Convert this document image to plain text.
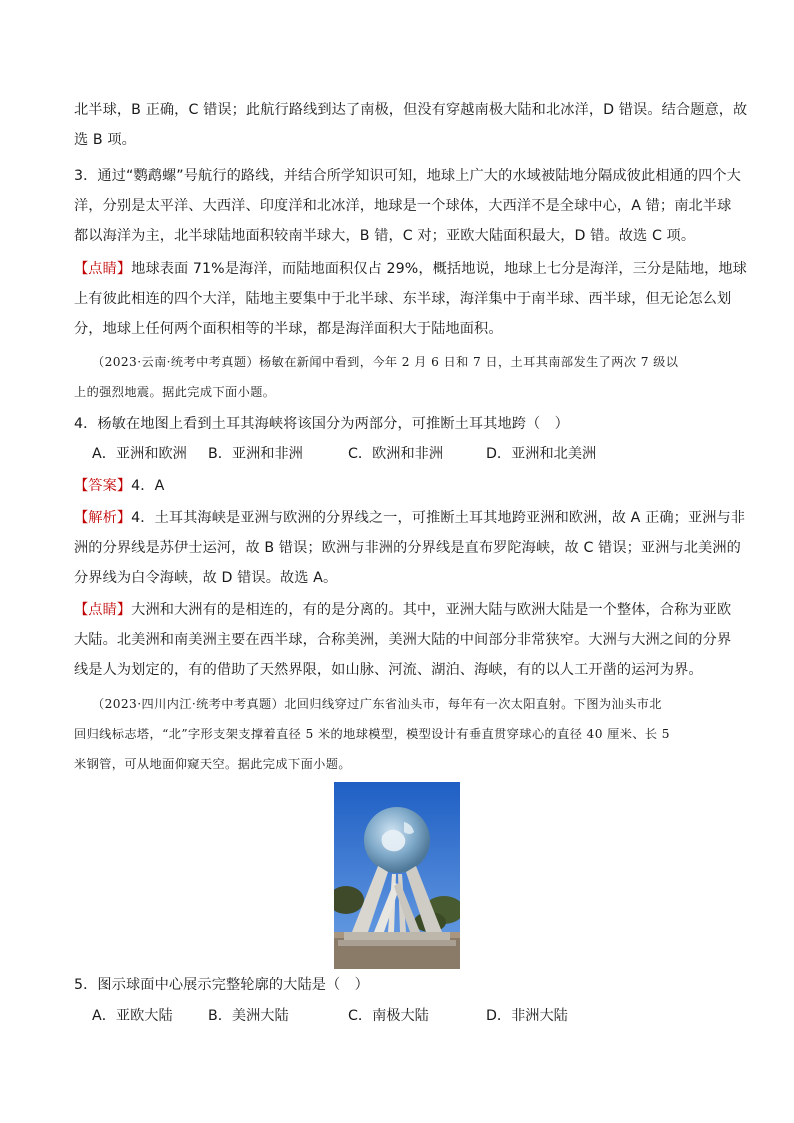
北半球，B 正确，C 错误；此航行路线到达了南极，但没有穿越南极大陆和北冰洋，D 错误。结合题意，故
选 B 项。
3．通过“鹦鹉螺”号航行的路线，并结合所学知识可知，地球上广大的水域被陆地分隔成彼此相通的四个大
洋，分别是太平洋、大西洋、印度洋和北冰洋，地球是一个球体，大西洋不是全球中心，A 错；南北半球
都以海洋为主，北半球陆地面积较南半球大，B 错，C 对；亚欧大陆面积最大，D 错。故选 C 项。
【点睛】地球表面 71%是海洋，而陆地面积仅占 29%，概括地说，地球上七分是海洋，三分是陆地，地球
上有彼此相连的四个大洋，陆地主要集中于北半球、东半球，海洋集中于南半球、西半球，但无论怎么划
分，地球上任何两个面积相等的半球，都是海洋面积大于陆地面积。
（2023·云南·统考中考真题）杨敏在新闻中看到，今年 2 月 6 日和 7 日，土耳其南部发生了两次 7 级以
上的强烈地震。据此完成下面小题。
4．杨敏在地图上看到土耳其海峡将该国分为两部分，可推断土耳其地跨（　）
A．亚洲和欧洲 B．亚洲和非洲	C．欧洲和非洲	D．亚洲和北美洲
【答案】4．A
【解析】4．土耳其海峡是亚洲与欧洲的分界线之一，可推断土耳其地跨亚洲和欧洲，故 A 正确；亚洲与非
洲的分界线是苏伊士运河，故 B 错误；欧洲与非洲的分界线是直布罗陀海峡，故 C 错误；亚洲与北美洲的
分界线为白令海峡，故 D 错误。故选 A。
【点睛】大洲和大洲有的是相连的，有的是分离的。其中，亚洲大陆与欧洲大陆是一个整体，合称为亚欧
大陆。北美洲和南美洲主要在西半球，合称美洲，美洲大陆的中间部分非常狭窄。大洲与大洲之间的分界
线是人为划定的，有的借助了天然界限，如山脉、河流、湖泊、海峡，有的以人工开凿的运河为界。
（2023·四川内江·统考中考真题）北回归线穿过广东省汕头市，每年有一次太阳直射。下图为汕头市北
回归线标志塔，“北”字形支架支撑着直径 5 米的地球模型，模型设计有垂直贯穿球心的直径 40 厘米、长 5
米钢管，可从地面仰窥天空。据此完成下面小题。
5．图示球面中心展示完整轮廓的大陆是（　）
A．亚欧大陆 B．美洲大陆	C．南极大陆	D．非洲大陆
